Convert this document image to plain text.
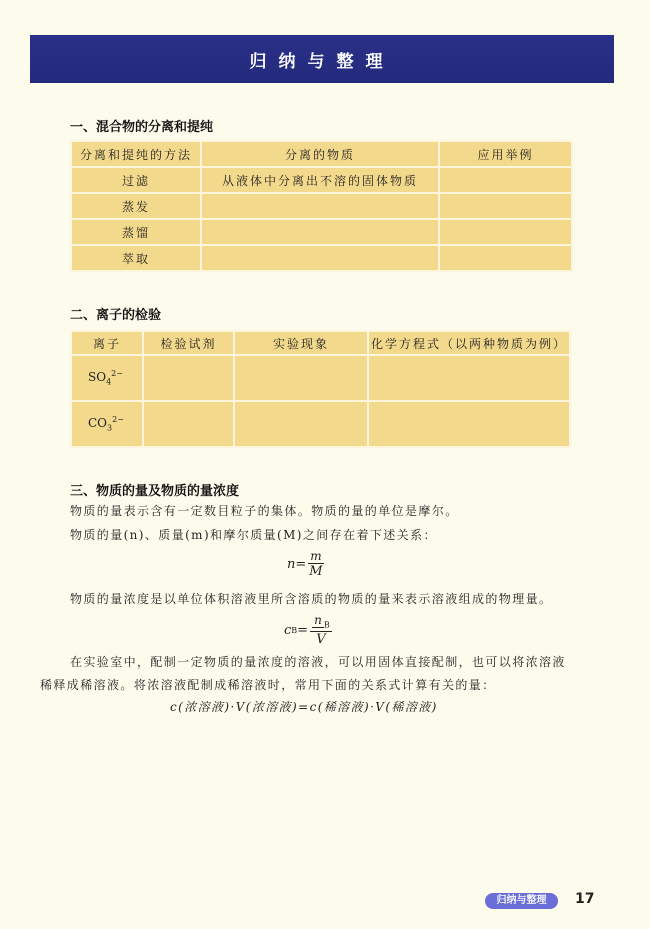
归纳与整理
一、混合物的分离和提纯
分离和提纯的方法	分离的物质	应用举例
过滤	从液体中分离出不溶的固体物质	
蒸发		
蒸馏		
萃取		
二、离子的检验
离子	检验试剂	实验现象	化学方程式（以两种物质为例）
$SO_4^{2-}$			
$CO_3^{2-}$			
三、物质的量及物质的量浓度
物质的量表示含有一定数目粒子的集体。物质的量的单位是摩尔。
物质的量(n)、质量(m)和摩尔质量(M)之间存在着下述关系：
$n= \frac{m}{M}$
物质的量浓度是以单位体积溶液里所含溶质的物质的量来表示溶液组成的物理量。
c $B = \frac{n _B}{V}$
在实验室中，配制一定物质的量浓度的溶液，可以用固体直接配制，也可以将浓溶液
稀释成稀溶液。将浓溶液配制成稀溶液时，常用下面的关系式计算有关的量：
c(浓溶液)·V(浓溶液)=c(稀溶液)·V(稀溶液)
归纳与整理	17
